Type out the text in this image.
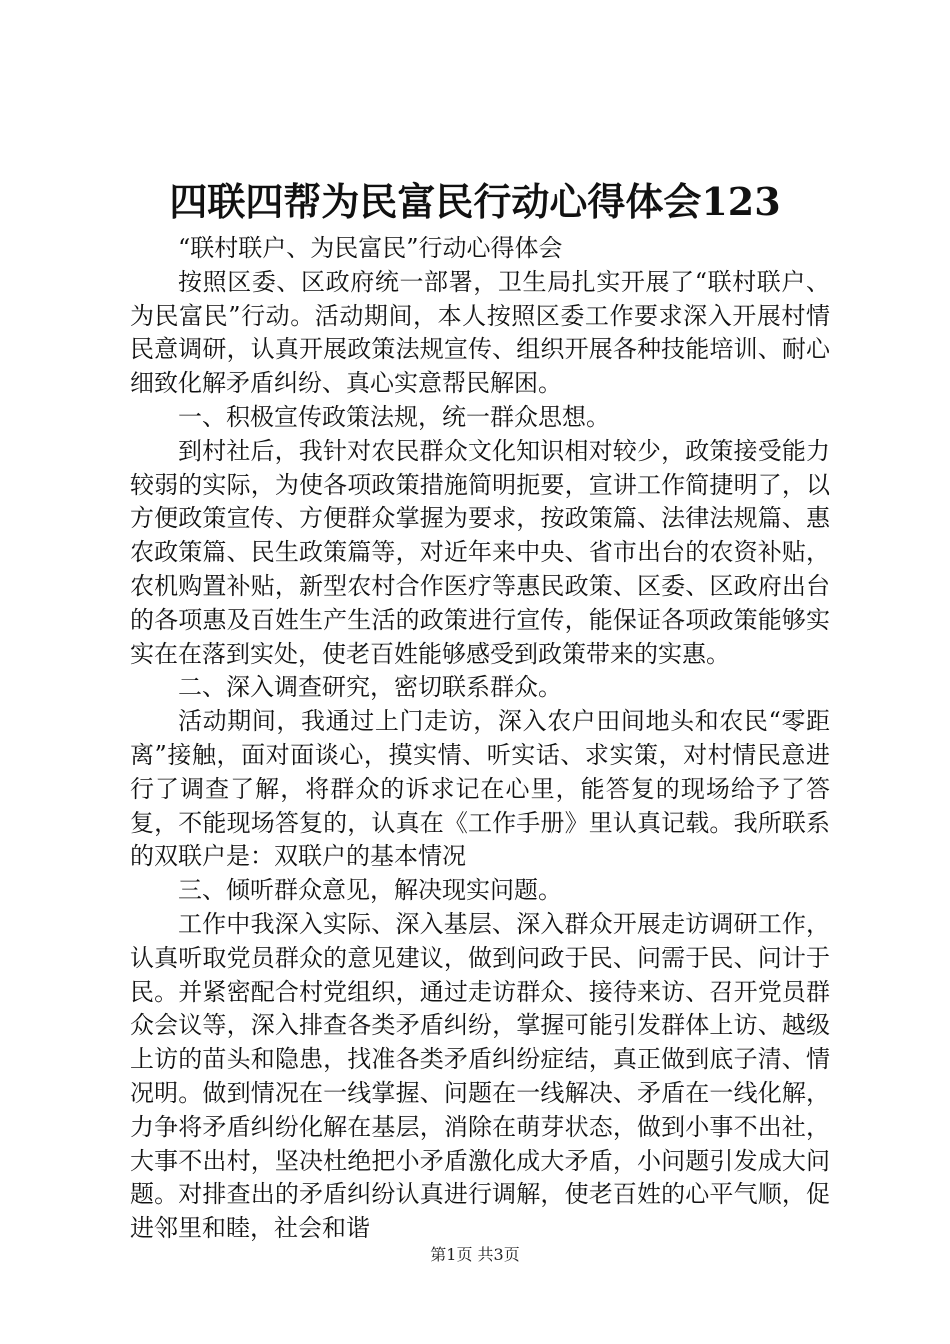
四联四帮为民富民行动心得体会123

“联村联户、为民富民”行动心得体会

按照区委、区政府统一部署，卫生局扎实开展了“联村联户、为民富民”行动。活动期间，本人按照区委工作要求深入开展村情民意调研，认真开展政策法规宣传、组织开展各种技能培训、耐心细致化解矛盾纠纷、真心实意帮民解困。

一、积极宣传政策法规，统一群众思想。

到村社后，我针对农民群众文化知识相对较少，政策接受能力较弱的实际，为使各项政策措施简明扼要，宣讲工作简捷明了，以方便政策宣传、方便群众掌握为要求，按政策篇、法律法规篇、惠农政策篇、民生政策篇等，对近年来中央、省市出台的农资补贴，农机购置补贴，新型农村合作医疗等惠民政策、区委、区政府出台的各项惠及百姓生产生活的政策进行宣传，能保证各项政策能够实实在在落到实处，使老百姓能够感受到政策带来的实惠。

二、深入调查研究，密切联系群众。

活动期间，我通过上门走访，深入农户田间地头和农民“零距离”接触，面对面谈心，摸实情、听实话、求实策，对村情民意进行了调查了解，将群众的诉求记在心里，能答复的现场给予了答复，不能现场答复的，认真在《工作手册》里认真记载。我所联系的双联户是：双联户的基本情况

三、倾听群众意见，解决现实问题。

工作中我深入实际、深入基层、深入群众开展走访调研工作，认真听取党员群众的意见建议，做到问政于民、问需于民、问计于民。并紧密配合村党组织，通过走访群众、接待来访、召开党员群众会议等，深入排查各类矛盾纠纷，掌握可能引发群体上访、越级上访的苗头和隐患，找准各类矛盾纠纷症结，真正做到底子清、情况明。做到情况在一线掌握、问题在一线解决、矛盾在一线化解，力争将矛盾纠纷化解在基层，消除在萌芽状态，做到小事不出社，大事不出村，坚决杜绝把小矛盾激化成大矛盾，小问题引发成大问题。对排查出的矛盾纠纷认真进行调解，使老百姓的心平气顺，促进邻里和睦，社会和谐

第1页 共3页
